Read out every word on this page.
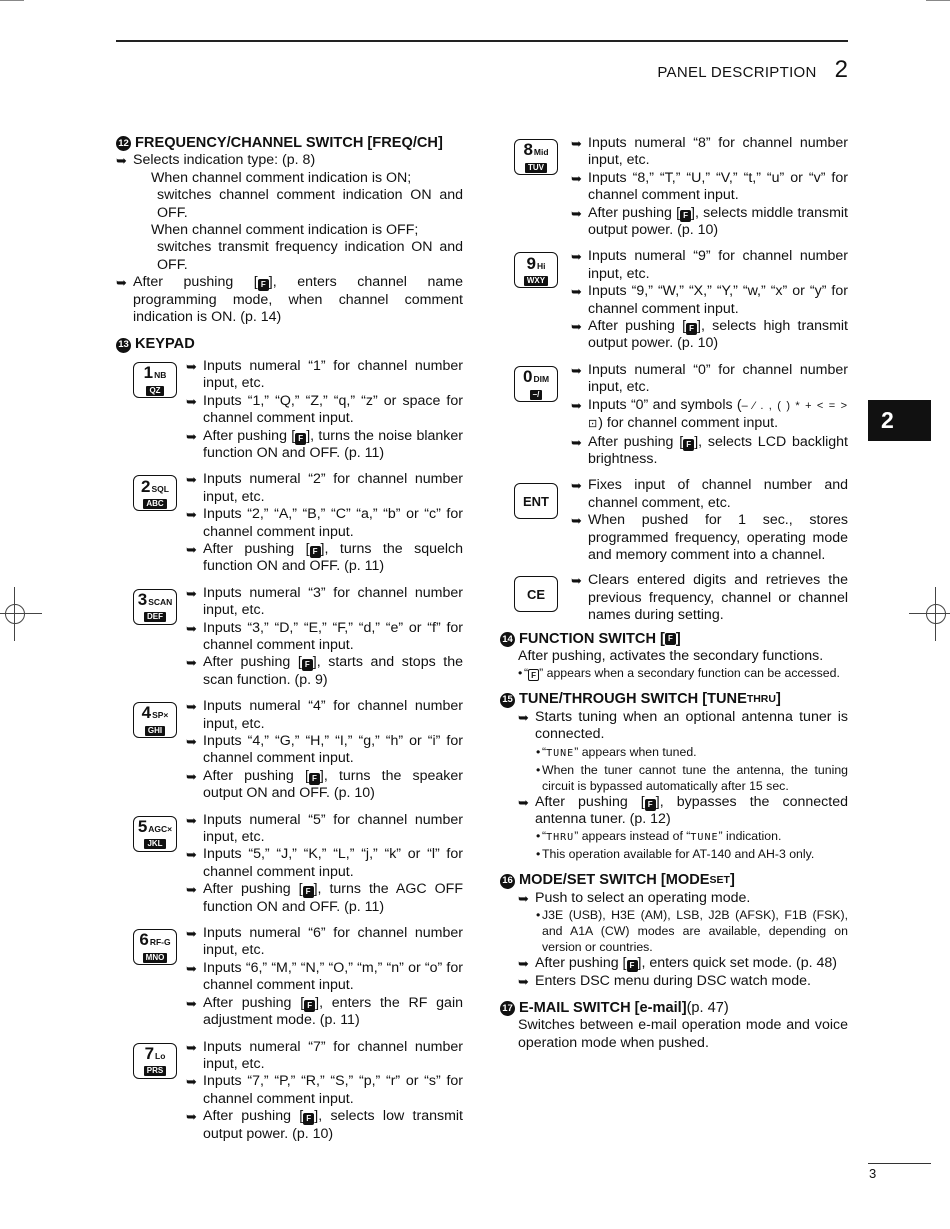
PANEL DESCRIPTION 2
2
12 FREQUENCY/CHANNEL SWITCH [FREQ/CH]
➥ Selects indication type: (p. 8)
When channel comment indication is ON;
switches channel comment indication ON and OFF.
When channel comment indication is OFF;
switches transmit frequency indication ON and OFF.
➥ After pushing [ F ], enters channel name programming mode, when channel comment indication is ON. (p. 14)
13 KEYPAD
1 NB
QZ
➥ Inputs numeral “1” for channel number input, etc.
➥ Inputs “1,” “Q,” “Z,” “q,” “z” or space for channel comment input.
➥ After pushing [ F ], turns the noise blanker function ON and OFF. (p. 11)
2 SQL
ABC
➥ Inputs numeral “2” for channel number input, etc.
➥ Inputs “2,” “A,” “B,” “C” “a,” “b” or “c” for channel comment input.
➥ After pushing [ F ], turns the squelch function ON and OFF. (p. 11)
3 SCAN
DEF
➥ Inputs numeral “3” for channel number input, etc.
➥ Inputs “3,” “D,” “E,” “F,” “d,” “e” or “f” for channel comment input.
➥ After pushing [ F ], starts and stops the scan function. (p. 9)
4 SP×
GHI
➥ Inputs numeral “4” for channel number input, etc.
➥ Inputs “4,” “G,” “H,” “I,” “g,” “h” or “i” for channel comment input.
➥ After pushing [ F ], turns the speaker output ON and OFF. (p. 10)
5 AGC×
JKL
➥ Inputs numeral “5” for channel number input, etc.
➥ Inputs “5,” “J,” “K,” “L,” “j,” “k” or “l” for channel comment input.
➥ After pushing [ F ], turns the AGC OFF function ON and OFF. (p. 11)
6 RF-G
MNO
➥ Inputs numeral “6” for channel number input, etc.
➥ Inputs “6,” “M,” “N,” “O,” “m,” “n” or “o” for channel comment input.
➥ After pushing [ F ], enters the RF gain adjustment mode. (p. 11)
7 Lo
PRS
➥ Inputs numeral “7” for channel number input, etc.
➥ Inputs “7,” “P,” “R,” “S,” “p,” “r” or “s” for channel comment input.
➥ After pushing [ F ], selects low transmit output power. (p. 10)
8 Mid
TUV
➥ Inputs numeral “8” for channel number input, etc.
➥ Inputs “8,” “T,” “U,” “V,” “t,” “u” or “v” for channel comment input.
➥ After pushing [ F ], selects middle transmit output power. (p. 10)
9 Hi
WXY
➥ Inputs numeral “9” for channel number input, etc.
➥ Inputs “9,” “W,” “X,” “Y,” “w,” “x” or “y” for channel comment input.
➥ After pushing [ F ], selects high transmit output power. (p. 10)
0 DIM
–/
➥ Inputs numeral “0” for channel number input, etc.
➥ Inputs “0” and symbols (– ⁄ . , ( ) * + < = > ⊡) for channel comment input.
➥ After pushing [ F ], selects LCD backlight brightness.
ENT
➥ Fixes input of channel number and channel comment, etc.
➥ When pushed for 1 sec., stores programmed frequency, operating mode and memory comment into a channel.
CE
➥ Clears entered digits and retrieves the previous frequency, channel or channel names during setting.
14 FUNCTION SWITCH [ F ]
After pushing, activates the secondary functions.
• “ F ” appears when a secondary function can be accessed.
15 TUNE/THROUGH SWITCH [TUNE THRU ]
➥ Starts tuning when an optional antenna tuner is connected.
• “TUNE” appears when tuned.
• When the tuner cannot tune the antenna, the tuning circuit is bypassed automatically after 15 sec.
➥ After pushing [ F ], bypasses the connected antenna tuner. (p. 12)
• “THRU” appears instead of “TUNE” indication.
• This operation available for AT-140 and AH-3 only.
16 MODE/SET SWITCH [MODE SET ]
➥ Push to select an operating mode.
• J3E (USB), H3E (AM), LSB, J2B (AFSK), F1B (FSK), and A1A (CW) modes are available, depending on version or countries.
➥ After pushing [ F ], enters quick set mode. (p. 48)
➥ Enters DSC menu during DSC watch mode.
17 E-MAIL SWITCH [e-mail] (p. 47)
Switches between e-mail operation mode and voice operation mode when pushed.
3
